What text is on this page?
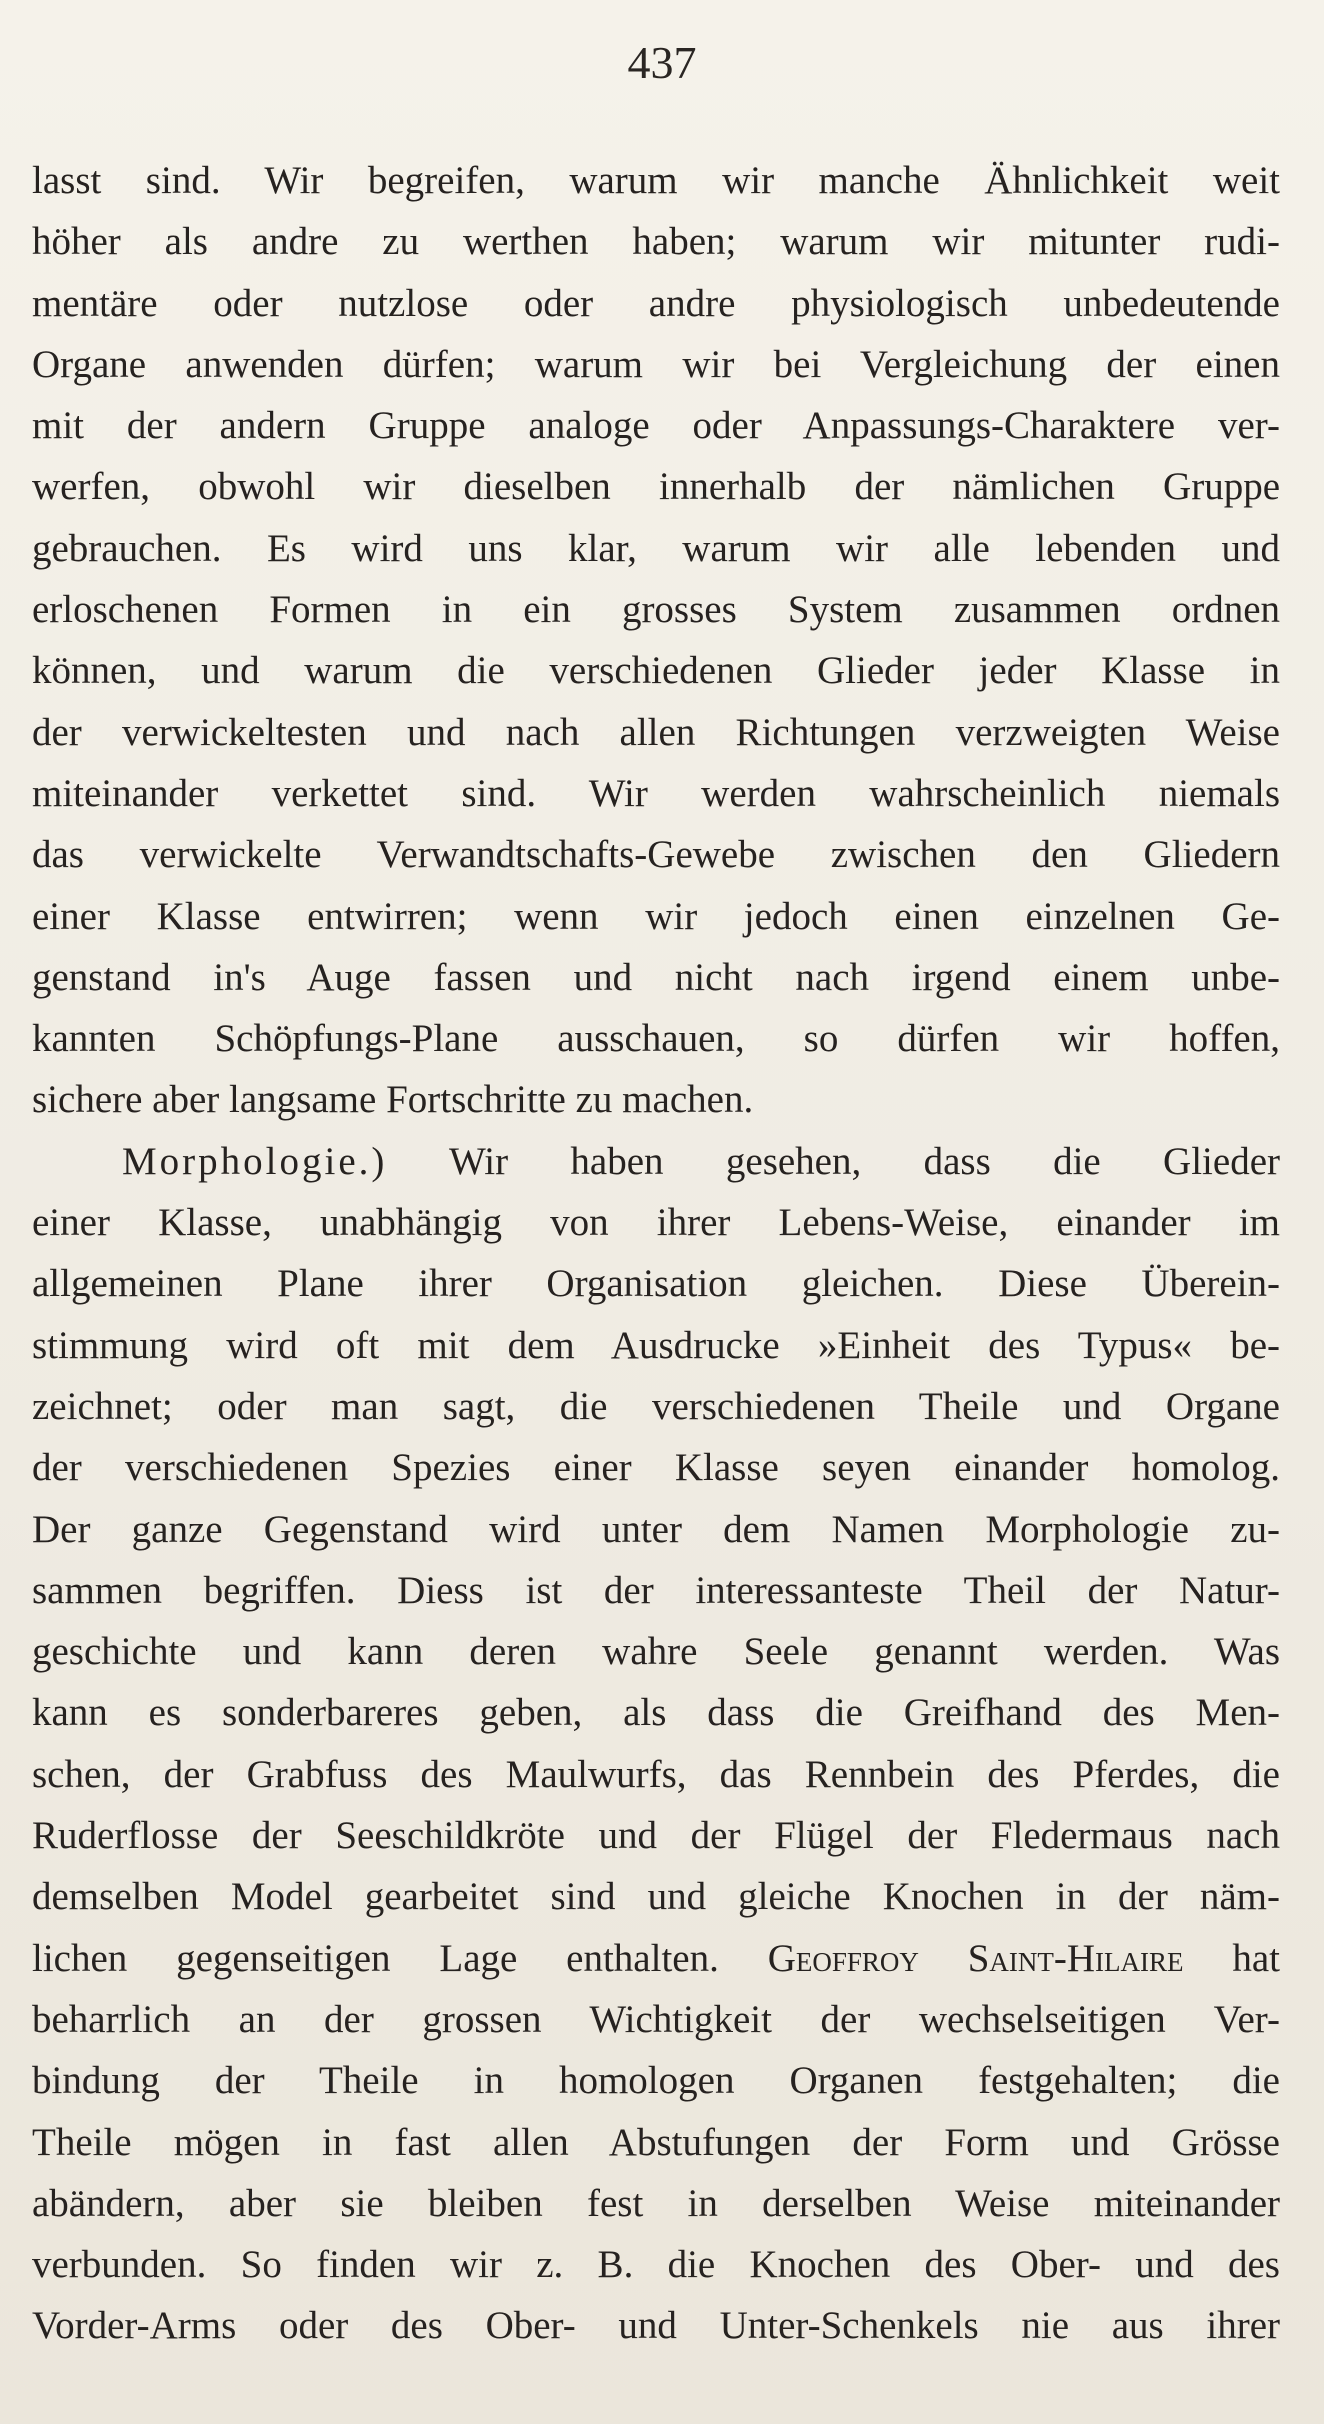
437
lasst sind. Wir begreifen, warum wir manche Ähnlichkeit weit
höher als andre zu werthen haben; warum wir mitunter rudi-
mentäre oder nutzlose oder andre physiologisch unbedeutende
Organe anwenden dürfen; warum wir bei Vergleichung der einen
mit der andern Gruppe analoge oder Anpassungs-Charaktere ver-
werfen, obwohl wir dieselben innerhalb der nämlichen Gruppe
gebrauchen. Es wird uns klar, warum wir alle lebenden und
erloschenen Formen in ein grosses System zusammen ordnen
können, und warum die verschiedenen Glieder jeder Klasse in
der verwickeltesten und nach allen Richtungen verzweigten Weise
miteinander verkettet sind. Wir werden wahrscheinlich niemals
das verwickelte Verwandtschafts-Gewebe zwischen den Gliedern
einer Klasse entwirren; wenn wir jedoch einen einzelnen Ge-
genstand in's Auge fassen und nicht nach irgend einem unbe-
kannten Schöpfungs-Plane ausschauen, so dürfen wir hoffen,
sichere aber langsame Fortschritte zu machen.
Morphologie.) Wir haben gesehen, dass die Glieder
einer Klasse, unabhängig von ihrer Lebens-Weise, einander im
allgemeinen Plane ihrer Organisation gleichen. Diese Überein-
stimmung wird oft mit dem Ausdrucke »Einheit des Typus« be-
zeichnet; oder man sagt, die verschiedenen Theile und Organe
der verschiedenen Spezies einer Klasse seyen einander homolog.
Der ganze Gegenstand wird unter dem Namen Morphologie zu-
sammen begriffen. Diess ist der interessanteste Theil der Natur-
geschichte und kann deren wahre Seele genannt werden. Was
kann es sonderbareres geben, als dass die Greifhand des Men-
schen, der Grabfuss des Maulwurfs, das Rennbein des Pferdes, die
Ruderflosse der Seeschildkröte und der Flügel der Fledermaus nach
demselben Model gearbeitet sind und gleiche Knochen in der näm-
lichen gegenseitigen Lage enthalten. Geoffroy Saint-Hilaire hat
beharrlich an der grossen Wichtigkeit der wechselseitigen Ver-
bindung der Theile in homologen Organen festgehalten; die
Theile mögen in fast allen Abstufungen der Form und Grösse
abändern, aber sie bleiben fest in derselben Weise miteinander
verbunden. So finden wir z. B. die Knochen des Ober- und des
Vorder-Arms oder des Ober- und Unter-Schenkels nie aus ihrer
